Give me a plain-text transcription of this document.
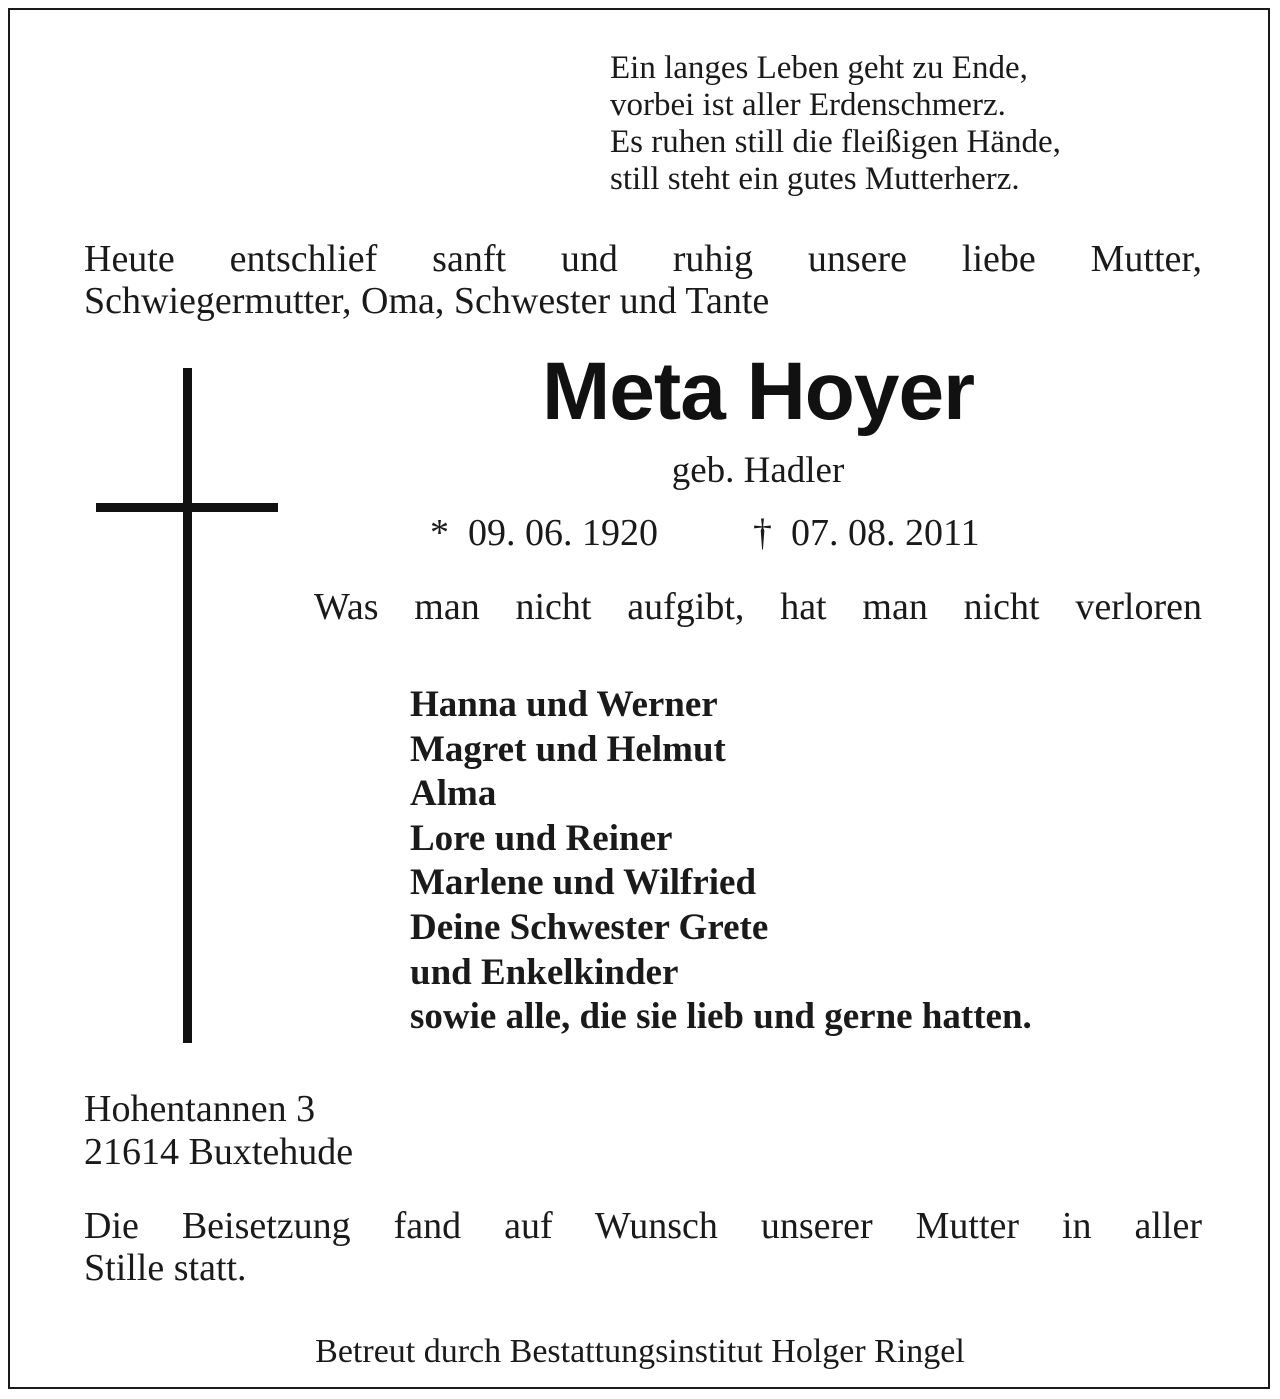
Ein langes Leben geht zu Ende,
vorbei ist aller Erdenschmerz.
Es ruhen still die fleißigen Hände,
still steht ein gutes Mutterherz.
Heute entschlief sanft und ruhig unsere liebe Mutter,
Schwiegermutter, Oma, Schwester und Tante
Meta Hoyer
geb. Hadler
* 09. 06. 1920	† 07. 08. 2011
Was man nicht aufgibt, hat man nicht verloren
Hanna und Werner
Magret und Helmut
Alma
Lore und Reiner
Marlene und Wilfried
Deine Schwester Grete
und Enkelkinder
sowie alle, die sie lieb und gerne hatten.
Hohentannen 3
21614 Buxtehude
Die Beisetzung fand auf Wunsch unserer Mutter in aller
Stille statt.
Betreut durch Bestattungsinstitut Holger Ringel
